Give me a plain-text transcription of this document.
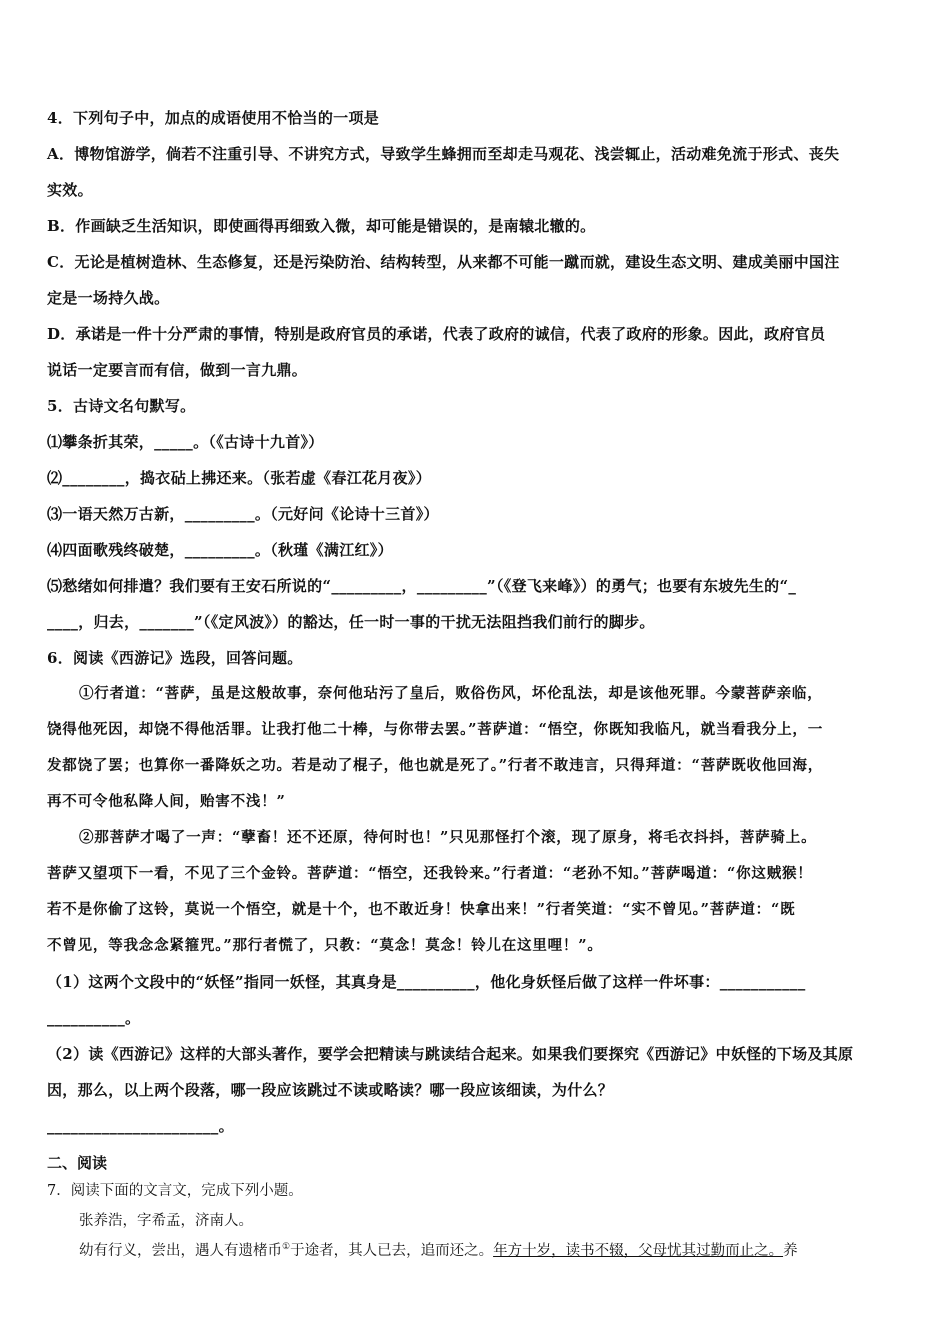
4．下列句子中，加点的成语使用不恰当的一项是
A．博物馆游学，倘若不注重引导、不讲究方式，导致学生蜂拥而至却走马观花、浅尝辄止，活动难免流于形式、丧失
实效。
B．作画缺乏生活知识，即使画得再细致入微，却可能是错误的，是南辕北辙的。
C．无论是植树造林、生态修复，还是污染防治、结构转型，从来都不可能一蹴而就，建设生态文明、建成美丽中国注
定是一场持久战。
D．承诺是一件十分严肃的事情，特别是政府官员的承诺，代表了政府的诚信，代表了政府的形象。因此，政府官员
说话一定要言而有信，做到一言九鼎。
5．古诗文名句默写。
⑴攀条折其荣，_____。（《古诗十九首》）
⑵________，捣衣砧上拂还来。（张若虚《春江花月夜》）
⑶一语天然万古新，_________。（元好问《论诗十三首》）
⑷四面歌残终破楚，_________。（秋瑾《满江红》）
⑸愁绪如何排遣？我们要有王安石所说的“_________，_________”（《登飞来峰》）的勇气；也要有东坡先生的“_
____，归去，_______”（《定风波》）的豁达，任一时一事的干扰无法阻挡我们前行的脚步。
6．阅读《西游记》选段，回答问题。
①行者道：“菩萨，虽是这般故事，奈何他玷污了皇后，败俗伤风，坏伦乱法，却是该他死罪。今蒙菩萨亲临，
饶得他死因，却饶不得他活罪。让我打他二十棒，与你带去罢。”菩萨道：“悟空，你既知我临凡，就当看我分上，一
发都饶了罢；也算你一番降妖之功。若是动了棍子，他也就是死了。”行者不敢违言，只得拜道：“菩萨既收他回海，
再不可令他私降人间，贻害不浅！”
②那菩萨才喝了一声：“孽畜！还不还原，待何时也！”只见那怪打个滚，现了原身，将毛衣抖抖，菩萨骑上。
菩萨又望项下一看，不见了三个金铃。菩萨道：“悟空，还我铃来。”行者道：“老孙不知。”菩萨喝道：“你这贼猴！
若不是你偷了这铃，莫说一个悟空，就是十个，也不敢近身！快拿出来！”行者笑道：“实不曾见。”菩萨道：“既
不曾见，等我念念紧箍咒。”那行者慌了，只教：“莫念！莫念！铃儿在这里哩！”。
（1）这两个文段中的“妖怪”指同一妖怪，其真身是__________，他化身妖怪后做了这样一件坏事：___________
__________。
（2）读《西游记》这样的大部头著作，要学会把精读与跳读结合起来。如果我们要探究《西游记》中妖怪的下场及其原
因，那么，以上两个段落，哪一段应该跳过不读或略读？哪一段应该细读，为什么？
______________________。
二、阅读
7．阅读下面的文言文，完成下列小题。
张养浩，字希孟，济南人。
幼有行义，尝出，遇人有遗楮币①于途者，其人已去，追而还之。年方十岁，读书不辍，父母忧其过勤而止之。养
